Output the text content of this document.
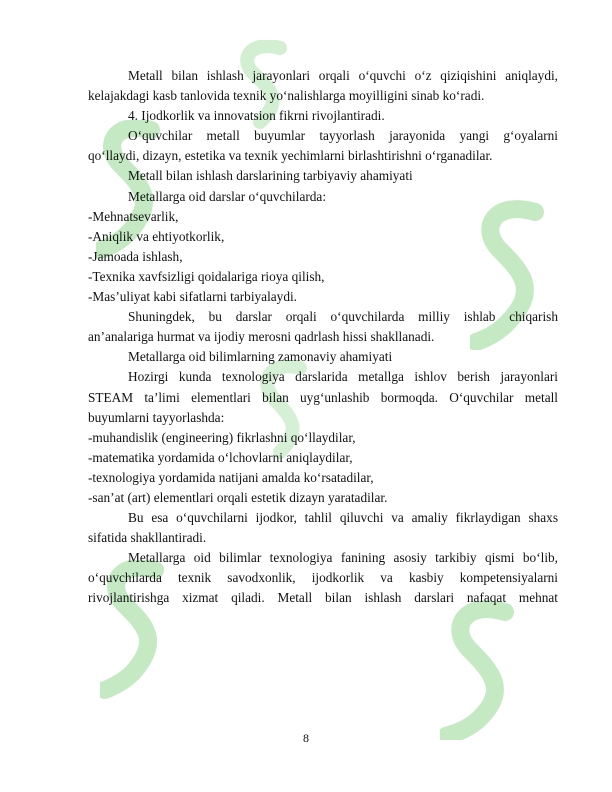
Metall bilan ishlash jarayonlari orqali o‘quvchi o‘z qiziqishini aniqlaydi,
kelajakdagi kasb tanlovida texnik yo‘nalishlarga moyilligini sinab ko‘radi.
4. Ijodkorlik va innovatsion fikrni rivojlantiradi.
O‘quvchilar metall buyumlar tayyorlash jarayonida yangi g‘oyalarni
qo‘llaydi, dizayn, estetika va texnik yechimlarni birlashtirishni o‘rganadilar.
Metall bilan ishlash darslarining tarbiyaviy ahamiyati
Metallarga oid darslar o‘quvchilarda:
-Mehnatsevarlik,
-Aniqlik va ehtiyotkorlik,
-Jamoada ishlash,
-Texnika xavfsizligi qoidalariga rioya qilish,
-Mas’uliyat kabi sifatlarni tarbiyalaydi.
Shuningdek, bu darslar orqali o‘quvchilarda milliy ishlab chiqarish
an’analariga hurmat va ijodiy merosni qadrlash hissi shakllanadi.
Metallarga oid bilimlarning zamonaviy ahamiyati
Hozirgi kunda texnologiya darslarida metallga ishlov berish jarayonlari
STEAM ta’limi elementlari bilan uyg‘unlashib bormoqda. O‘quvchilar metall
buyumlarni tayyorlashda:
-muhandislik (engineering) fikrlashni qo‘llaydilar,
-matematika yordamida o‘lchovlarni aniqlaydilar,
-texnologiya yordamida natijani amalda ko‘rsatadilar,
-san’at (art) elementlari orqali estetik dizayn yaratadilar.
Bu esa o‘quvchilarni ijodkor, tahlil qiluvchi va amaliy fikrlaydigan shaxs
sifatida shakllantiradi.
Metallarga oid bilimlar texnologiya fanining asosiy tarkibiy qismi bo‘lib,
o‘quvchilarda texnik savodxonlik, ijodkorlik va kasbiy kompetensiyalarni
rivojlantirishga xizmat qiladi. Metall bilan ishlash darslari nafaqat mehnat
8
